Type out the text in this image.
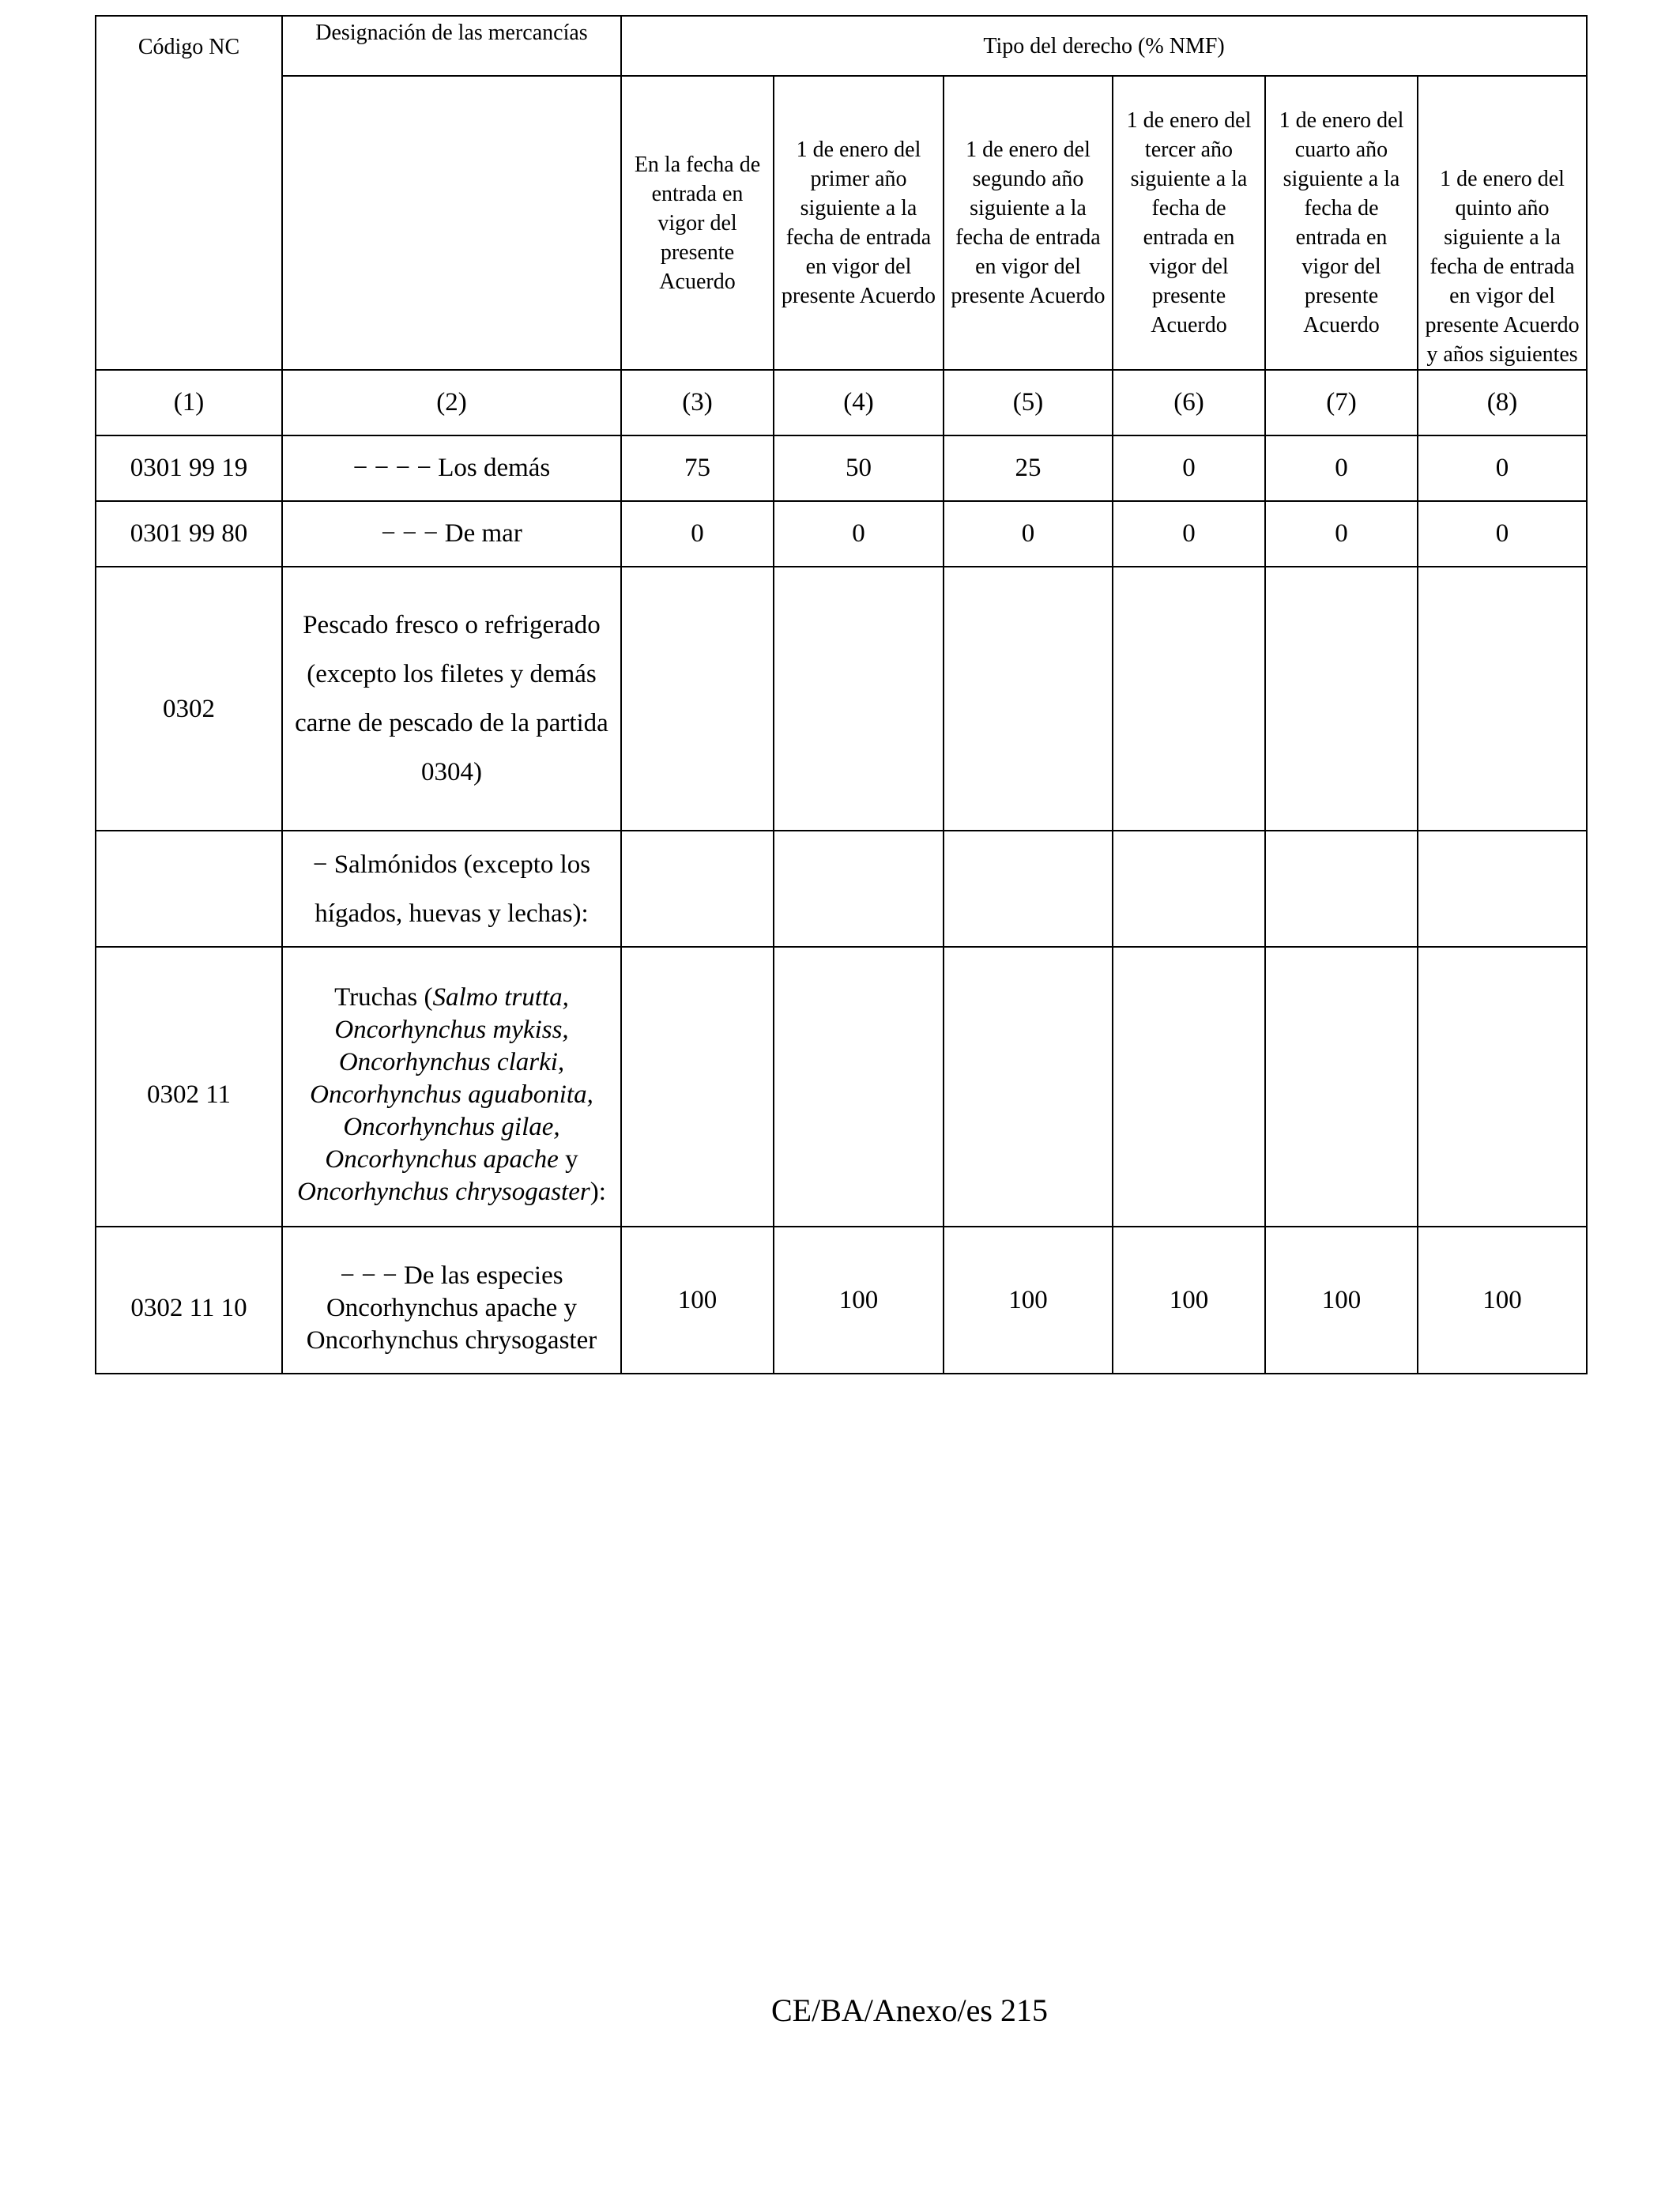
Código NC	Designación de las mercancías	Tipo del derecho (% NMF)					
		En la fecha de entrada en vigor del presente Acuerdo	1 de enero del primer año siguiente a la fecha de entrada en vigor del presente Acuerdo	1 de enero del segundo año siguiente a la fecha de entrada en vigor del presente Acuerdo	1 de enero del tercer año siguiente a la fecha de entrada en vigor del presente Acuerdo	1 de enero del cuarto año siguiente a la fecha de entrada en vigor del presente Acuerdo	1 de enero del quinto año siguiente a la fecha de entrada en vigor del presente Acuerdo y años siguientes
(1)	(2)	(3)	(4)	(5)	(6)	(7)	(8)
0301 99 19	− − − − Los demás	75	50	25	0	0	0
0301 99 80	− − − De mar	0	0	0	0	0	0
0302	Pescado fresco o refrigerado (excepto los filetes y demás carne de pescado de la partida 0304)						
	− Salmónidos (excepto los hígados, huevas y lechas):						
0302 11	Truchas (Salmo trutta, Oncorhynchus mykiss, Oncorhynchus clarki, Oncorhynchus aguabonita, Oncorhynchus gilae, Oncorhynchus apache y Oncorhynchus chrysogaster):						
0302 11 10	− − − De las especies Oncorhynchus apache y Oncorhynchus chrysogaster	100	100	100	100	100	100
CE/BA/Anexo/es 215
